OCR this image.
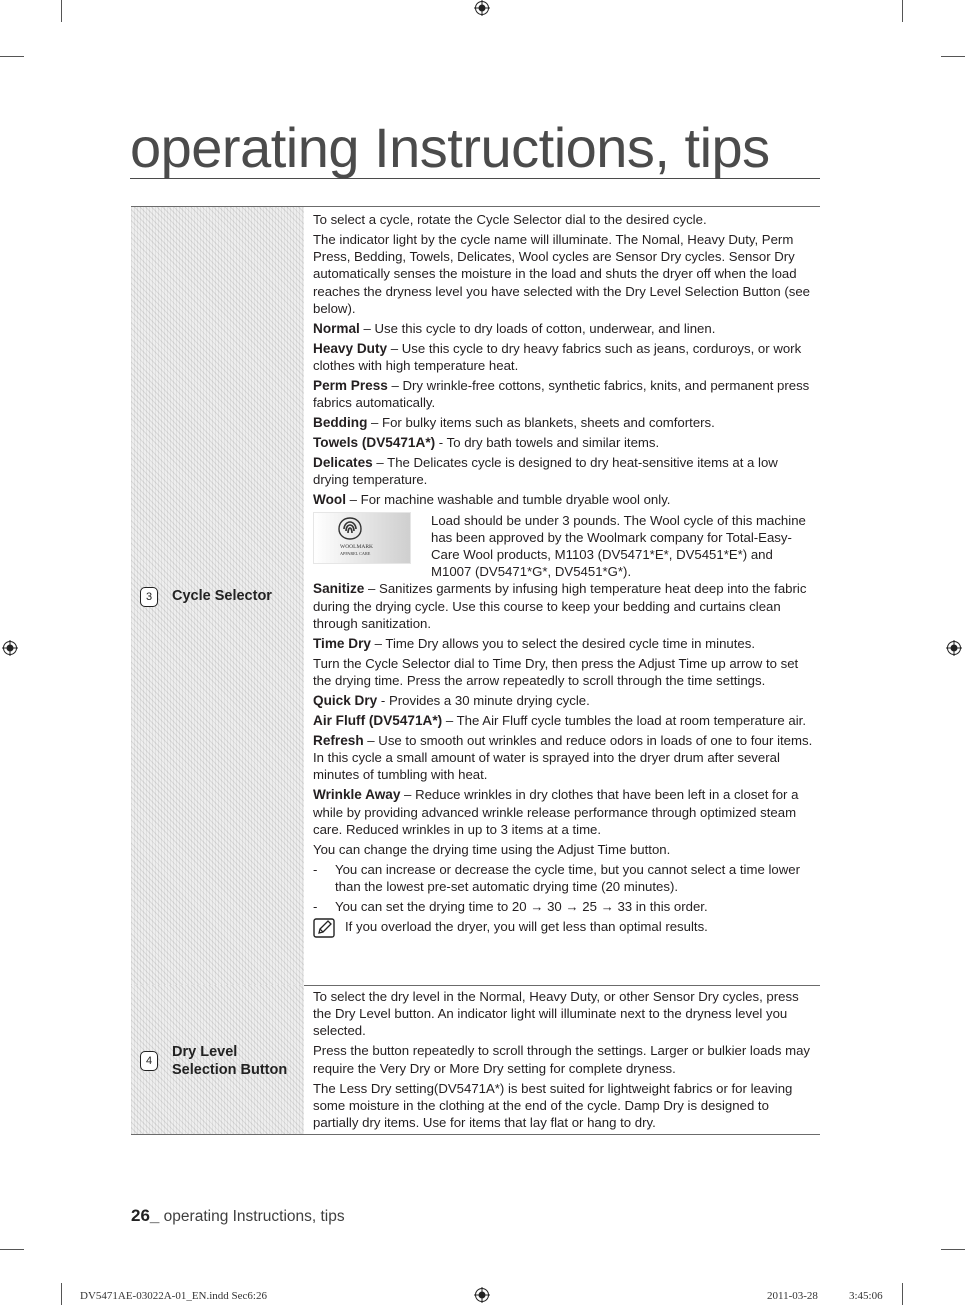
operating Instructions, tips
3	Cycle Selector

To select a cycle, rotate the Cycle Selector dial to the desired cycle.

The indicator light by the cycle name will illuminate. The Nomal, Heavy Duty, Perm Press, Bedding, Towels, Delicates, Wool cycles are Sensor Dry cycles. Sensor Dry automatically senses the moisture in the load and shuts the dryer off when the load reaches the dryness level you have selected with the Dry Level Selection Button (see below).

Normal – Use this cycle to dry loads of cotton, underwear, and linen.

Heavy Duty – Use this cycle to dry heavy fabrics such as jeans, corduroys, or work clothes with high temperature heat.

Perm Press – Dry wrinkle-free cottons, synthetic fabrics, knits, and permanent press fabrics automatically.

Bedding – For bulky items such as blankets, sheets and comforters.

Towels (DV5471A*) - To dry bath towels and similar items.

Delicates – The Delicates cycle is designed to dry heat-sensitive items at a low drying temperature.

Wool – For machine washable and tumble dryable wool only.

WOOLMARK
APPAREL CARE

Load should be under 3 pounds. The Wool cycle of this machine has been approved by the Woolmark company for Total-Easy-Care Wool products, M1103 (DV5471*E*, DV5451*E*) and M1007 (DV5471*G*, DV5451*G*).

Sanitize – Sanitizes garments by infusing high temperature heat deep into the fabric during the drying cycle. Use this course to keep your bedding and curtains clean through sanitization.

Time Dry – Time Dry allows you to select the desired cycle time in minutes.

Turn the Cycle Selector dial to Time Dry, then press the Adjust Time up arrow to set the drying time. Press the arrow repeatedly to scroll through the time settings.

Quick Dry - Provides a 30 minute drying cycle.

Air Fluff (DV5471A*) – The Air Fluff cycle tumbles the load at room temperature air.

Refresh – Use to smooth out wrinkles and reduce odors in loads of one to four items. In this cycle a small amount of water is sprayed into the dryer drum after several minutes of tumbling with heat.

Wrinkle Away – Reduce wrinkles in dry clothes that have been left in a closet for a while by providing advanced wrinkle release performance through optimized steam care. Reduced wrinkles in up to 3 items at a time.

You can change the drying time using the Adjust Time button.

-	You can increase or decrease the cycle time, but you cannot select a time lower than the lowest pre-set automatic drying time (20 minutes).

-	You can set the drying time to 20 → 30 → 25 → 33 in this order.

If you overload the dryer, you will get less than optimal results.

4
Dry Level
Selection Button

To select the dry level in the Normal, Heavy Duty, or other Sensor Dry cycles, press the Dry Level button. An indicator light will illuminate next to the dryness level you selected.

Press the button repeatedly to scroll through the settings. Larger or bulkier loads may require the Very Dry or More Dry setting for complete dryness.

The Less Dry setting(DV5471A*) is best suited for lightweight fabrics or for leaving some moisture in the clothing at the end of the cycle. Damp Dry is designed to partially dry items. Use for items that lay flat or hang to dry.

26_ operating Instructions, tips
DV5471AE-03022A-01_EN.indd Sec6:26	2011-03-28	3:45:06
